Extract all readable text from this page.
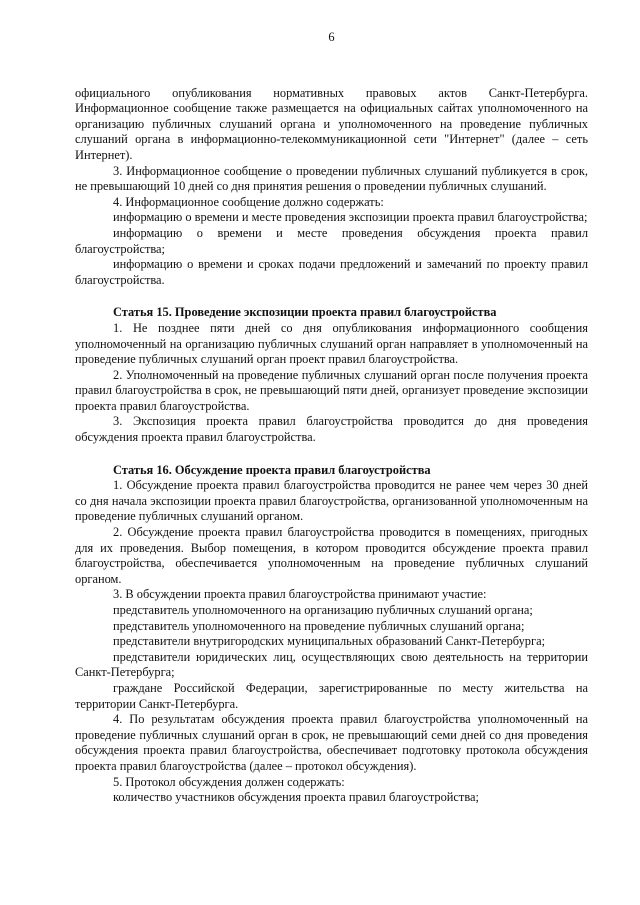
6

официального опубликования нормативных правовых актов Санкт-Петербурга. Информационное сообщение также размещается на официальных сайтах уполномоченного на организацию публичных слушаний органа и уполномоченного на проведение публичных слушаний органа в информационно-телекоммуникационной сети "Интернет" (далее – сеть Интернет).

3. Информационное сообщение о проведении публичных слушаний публикуется в срок, не превышающий 10 дней со дня принятия решения о проведении публичных слушаний.

4. Информационное сообщение должно содержать:

информацию о времени и месте проведения экспозиции проекта правил благоустройства;

информацию о времени и месте проведения обсуждения проекта правил благоустройства;

информацию о времени и сроках подачи предложений и замечаний по проекту правил благоустройства.

Статья 15. Проведение экспозиции проекта правил благоустройства

1. Не позднее пяти дней со дня опубликования информационного сообщения уполномоченный на организацию публичных слушаний орган направляет в уполномоченный на проведение публичных слушаний орган проект правил благоустройства.

2. Уполномоченный на проведение публичных слушаний орган после получения проекта правил благоустройства в срок, не превышающий пяти дней, организует проведение экспозиции проекта правил благоустройства.

3. Экспозиция проекта правил благоустройства проводится до дня проведения обсуждения проекта правил благоустройства.

Статья 16. Обсуждение проекта правил благоустройства

1. Обсуждение проекта правил благоустройства проводится не ранее чем через 30 дней со дня начала экспозиции проекта правил благоустройства, организованной уполномоченным на проведение публичных слушаний органом.

2. Обсуждение проекта правил благоустройства проводится в помещениях, пригодных для их проведения. Выбор помещения, в котором проводится обсуждение проекта правил благоустройства, обеспечивается уполномоченным на проведение публичных слушаний органом.

3. В обсуждении проекта правил благоустройства принимают участие:

представитель уполномоченного на организацию публичных слушаний органа;

представитель уполномоченного на проведение публичных слушаний органа;

представители внутригородских муниципальных образований Санкт-Петербурга;

представители юридических лиц, осуществляющих свою деятельность на территории Санкт-Петербурга;

граждане Российской Федерации, зарегистрированные по месту жительства на территории Санкт-Петербурга.

4. По результатам обсуждения проекта правил благоустройства уполномоченный на проведение публичных слушаний орган в срок, не превышающий семи дней со дня проведения обсуждения проекта правил благоустройства, обеспечивает подготовку протокола обсуждения проекта правил благоустройства (далее – протокол обсуждения).

5. Протокол обсуждения должен содержать:

количество участников обсуждения проекта правил благоустройства;
